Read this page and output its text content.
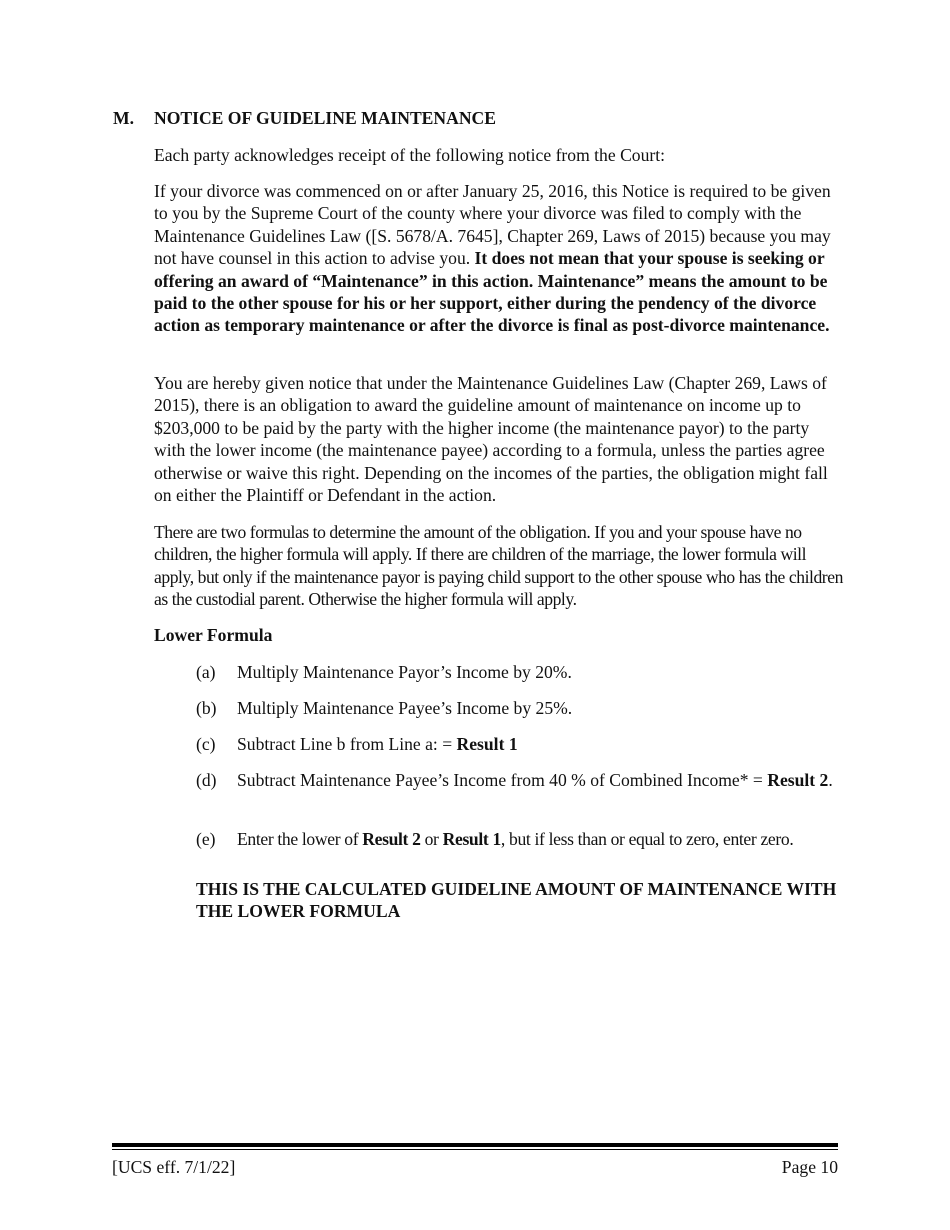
M. NOTICE OF GUIDELINE MAINTENANCE
Each party acknowledges receipt of the following notice from the Court:
If your divorce was commenced on or after January 25, 2016, this Notice is required to be given to you by the Supreme Court of the county where your divorce was filed to comply with the Maintenance Guidelines Law ([S. 5678/A. 7645], Chapter 269, Laws of 2015) because you may not have counsel in this action to advise you. It does not mean that your spouse is seeking or offering an award of “Maintenance” in this action. Maintenance” means the amount to be paid to the other spouse for his or her support, either during the pendency of the divorce action as temporary maintenance or after the divorce is final as post-divorce maintenance.
You are hereby given notice that under the Maintenance Guidelines Law (Chapter 269, Laws of 2015), there is an obligation to award the guideline amount of maintenance on income up to $203,000 to be paid by the party with the higher income (the maintenance payor) to the party with the lower income (the maintenance payee) according to a formula, unless the parties agree otherwise or waive this right. Depending on the incomes of the parties, the obligation might fall on either the Plaintiff or Defendant in the action.
There are two formulas to determine the amount of the obligation. If you and your spouse have no children, the higher formula will apply. If there are children of the marriage, the lower formula will apply, but only if the maintenance payor is paying child support to the other spouse who has the children as the custodial parent. Otherwise the higher formula will apply.
Lower Formula
(a) Multiply Maintenance Payor’s Income by 20%.
(b) Multiply Maintenance Payee’s Income by 25%.
(c) Subtract Line b from Line a: = Result 1
(d) Subtract Maintenance Payee’s Income from 40 % of Combined Income* = Result 2.
(e) Enter the lower of Result 2 or Result 1, but if less than or equal to zero, enter zero.
THIS IS THE CALCULATED GUIDELINE AMOUNT OF MAINTENANCE WITH THE LOWER FORMULA
[UCS eff. 7/1/22]	Page 10
